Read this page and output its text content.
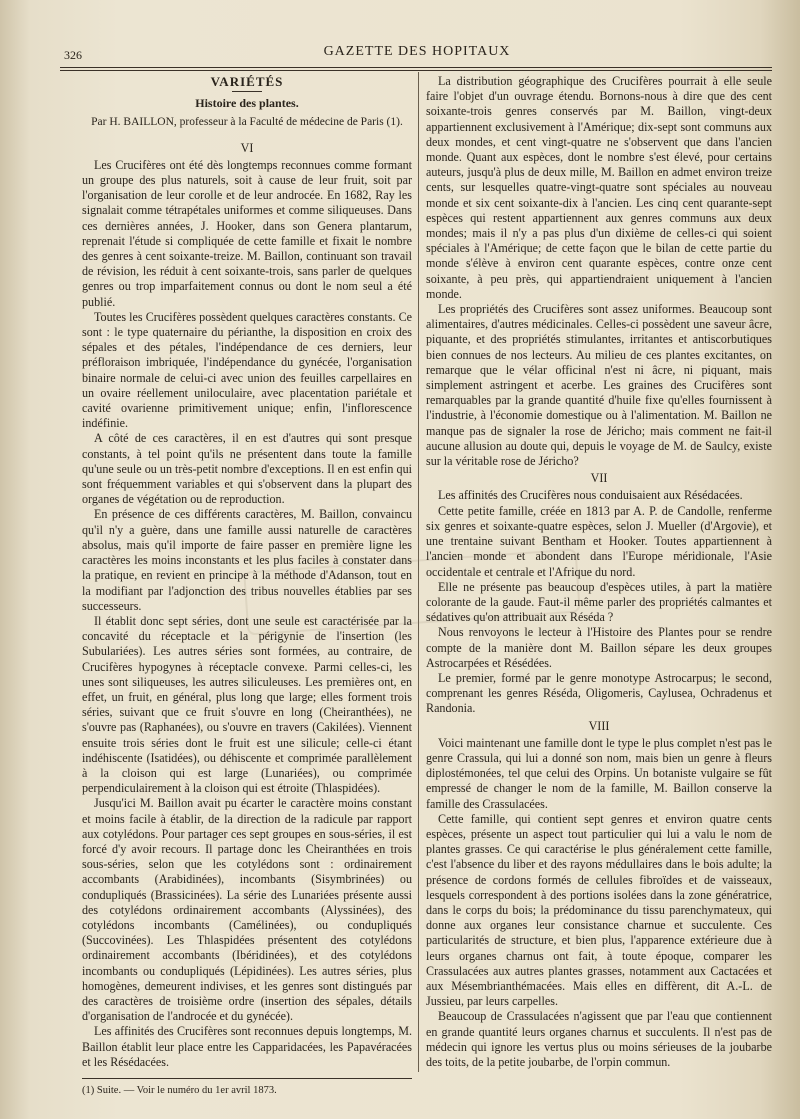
326	GAZETTE DES HOPITAUX

VARIÉTÉS

Histoire des plantes.

Par H. BAILLON, professeur à la Faculté de médecine de Paris (1).

VI

Les Crucifères ont été dès longtemps reconnues comme formant un groupe des plus naturels, soit à cause de leur fruit, soit par l'organisation de leur corolle et de leur androcée. En 1682, Ray les signalait comme tétrapétales uniformes et comme siliqueuses. Dans ces dernières années, J. Hooker, dans son Genera plantarum, reprenait l'étude si compliquée de cette famille et fixait le nombre des genres à cent soixante-treize. M. Baillon, continuant son travail de révision, les réduit à cent soixante-trois, sans parler de quelques genres ou trop imparfaitement connus ou dont le nom seul a été publié.

Toutes les Crucifères possèdent quelques caractères constants. Ce sont : le type quaternaire du périanthe, la disposition en croix des sépales et des pétales, l'indépendance de ces derniers, leur préfloraison imbriquée, l'indépendance du gynécée, l'organisation binaire normale de celui-ci avec union des feuilles carpellaires en un ovaire réellement uniloculaire, avec placentation pariétale et cavité ovarienne primitivement unique; enfin, l'inflorescence indéfinie.

A côté de ces caractères, il en est d'autres qui sont presque constants, à tel point qu'ils ne présentent dans toute la famille qu'une seule ou un très-petit nombre d'exceptions. Il en est enfin qui sont fréquemment variables et qui s'observent dans la plupart des organes de végétation ou de reproduction.

En présence de ces différents caractères, M. Baillon, convaincu qu'il n'y a guère, dans une famille aussi naturelle de caractères absolus, mais qu'il importe de faire passer en première ligne les caractères les moins inconstants et les plus faciles à constater dans la pratique, en revient en principe à la méthode d'Adanson, tout en la modifiant par l'adjonction des tribus nouvelles établies par ses successeurs.

Il établit donc sept séries, dont une seule est caractérisée par la concavité du réceptacle et la périgynie de l'insertion (les Subulariées). Les autres séries sont formées, au contraire, de Crucifères hypogynes à réceptacle convexe. Parmi celles-ci, les unes sont siliqueuses, les autres siliculeuses. Les premières ont, en effet, un fruit, en général, plus long que large; elles forment trois séries, suivant que ce fruit s'ouvre en long (Cheiranthées), ne s'ouvre pas (Raphanées), ou s'ouvre en travers (Cakilées). Viennent ensuite trois séries dont le fruit est une silicule; celle-ci étant indéhiscente (Isatidées), ou déhiscente et comprimée parallèlement à la cloison qui est large (Lunariées), ou comprimée perpendiculairement à la cloison qui est étroite (Thlaspidées).

Jusqu'ici M. Baillon avait pu écarter le caractère moins constant et moins facile à établir, de la direction de la radicule par rapport aux cotylédons. Pour partager ces sept groupes en sous-séries, il est forcé d'y avoir recours. Il partage donc les Cheiranthées en trois sous-séries, selon que les cotylédons sont : ordinairement accombants (Arabidinées), incombants (Sisymbrinées) ou condupliqués (Brassicinées). La série des Lunariées présente aussi des cotylédons ordinairement accombants (Alyssinées), des cotylédons incombants (Camélinées), ou condupliqués (Succovinées). Les Thlaspidées présentent des cotylédons ordinairement accombants (Ibéridinées), et des cotylédons incombants ou condupliqués (Lépidinées). Les autres séries, plus homogènes, demeurent indivises, et les genres sont distingués par des caractères de troisième ordre (insertion des sépales, détails d'organisation de l'androcée et du gynécée).

Les affinités des Crucifères sont reconnues depuis longtemps, M. Baillon établit leur place entre les Capparidacées, les Papavéracées et les Résédacées.

(1) Suite. — Voir le numéro du 1er avril 1873.

La distribution géographique des Crucifères pourrait à elle seule faire l'objet d'un ouvrage étendu. Bornons-nous à dire que des cent soixante-trois genres conservés par M. Baillon, vingt-deux appartiennent exclusivement à l'Amérique; dix-sept sont communs aux deux mondes, et cent vingt-quatre ne s'observent que dans l'ancien monde. Quant aux espèces, dont le nombre s'est élevé, pour certains auteurs, jusqu'à plus de deux mille, M. Baillon en admet environ treize cents, sur lesquelles quatre-vingt-quatre sont spéciales au nouveau monde et six cent soixante-dix à l'ancien. Les cinq cent quarante-sept espèces qui restent appartiennent aux genres communs aux deux mondes; mais il n'y a pas plus d'un dixième de celles-ci qui soient spéciales à l'Amérique; de cette façon que le bilan de cette partie du monde s'élève à environ cent quarante espèces, contre onze cent soixante, à peu près, qui appartiendraient uniquement à l'ancien monde.

Les propriétés des Crucifères sont assez uniformes. Beaucoup sont alimentaires, d'autres médicinales. Celles-ci possèdent une saveur âcre, piquante, et des propriétés stimulantes, irritantes et antiscorbutiques bien connues de nos lecteurs. Au milieu de ces plantes excitantes, on remarque que le vélar officinal n'est ni âcre, ni piquant, mais simplement astringent et acerbe. Les graines des Crucifères sont remarquables par la grande quantité d'huile fixe qu'elles fournissent à l'industrie, à l'économie domestique ou à l'alimentation. M. Baillon ne manque pas de signaler la rose de Jéricho; mais comment ne fait-il aucune allusion au doute qui, depuis le voyage de M. de Saulcy, existe sur la véritable rose de Jéricho?

VII

Les affinités des Crucifères nous conduisaient aux Résédacées.

Cette petite famille, créée en 1813 par A. P. de Candolle, renferme six genres et soixante-quatre espèces, selon J. Mueller (d'Argovie), et une trentaine suivant Bentham et Hooker. Toutes appartiennent à l'ancien monde et abondent dans l'Europe méridionale, l'Asie occidentale et centrale et l'Afrique du nord.

Elle ne présente pas beaucoup d'espèces utiles, à part la matière colorante de la gaude. Faut-il même parler des propriétés calmantes et sédatives qu'on attribuait aux Réséda ?

Nous renvoyons le lecteur à l'Histoire des Plantes pour se rendre compte de la manière dont M. Baillon sépare les deux groupes Astrocarpées et Résédées.

Le premier, formé par le genre monotype Astrocarpus; le second, comprenant les genres Réséda, Oligomeris, Caylusea, Ochradenus et Randonia.

VIII

Voici maintenant une famille dont le type le plus complet n'est pas le genre Crassula, qui lui a donné son nom, mais bien un genre à fleurs diplostémonées, tel que celui des Orpins. Un botaniste vulgaire se fût empressé de changer le nom de la famille, M. Baillon conserve la famille des Crassulacées.

Cette famille, qui contient sept genres et environ quatre cents espèces, présente un aspect tout particulier qui lui a valu le nom de plantes grasses. Ce qui caractérise le plus généralement cette famille, c'est l'absence du liber et des rayons médullaires dans le bois adulte; la présence de cordons formés de cellules fibroïdes et de vaisseaux, lesquels correspondent à des portions isolées dans la zone génératrice, dans le corps du bois; la prédominance du tissu parenchymateux, qui donne aux organes leur consistance charnue et succulente. Ces particularités de structure, et bien plus, l'apparence extérieure due à leurs organes charnus ont fait, à toute époque, comparer les Crassulacées aux autres plantes grasses, notamment aux Cactacées et aux Mésembrianthémacées. Mais elles en diffèrent, dit A.-L. de Jussieu, par leurs carpelles.

Beaucoup de Crassulacées n'agissent que par l'eau que contiennent en grande quantité leurs organes charnus et succulents. Il n'est pas de médecin qui ignore les vertus plus ou moins sérieuses de la joubarbe des toits, de la petite joubarbe, de l'orpin commun.
